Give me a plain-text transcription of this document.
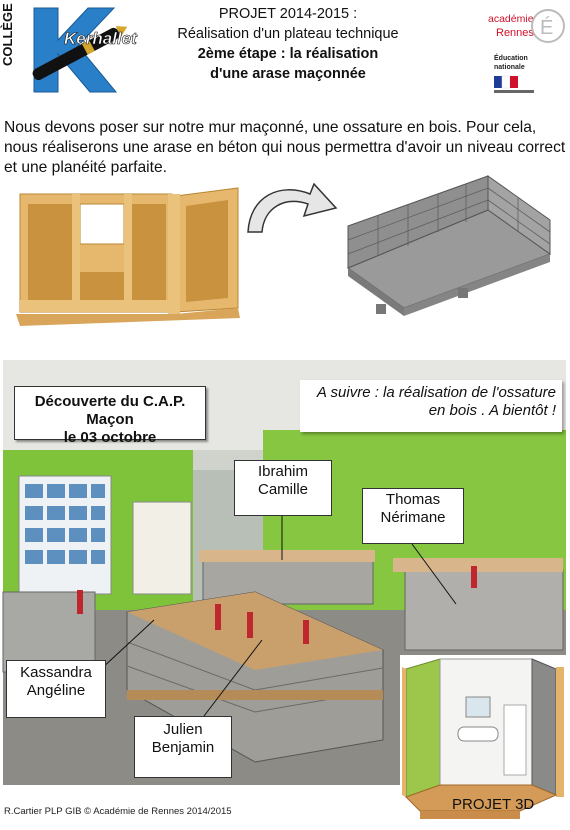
COLLÈGE	Kerhallet
PROJET 2014-2015 :
Réalisation d'un plateau technique
2ème étape : la réalisation
d'une arase maçonnée
académie
Rennes É
Éducation
nationale
Nous devons poser sur notre mur maçonné, une ossature en bois. Pour cela, nous réaliserons une arase en béton qui nous permettra d'avoir un niveau correct et une planéité parfaite.
Découverte du C.A.P. Maçon
le 03 octobre
A suivre : la réalisation de l'ossature
en bois . A bientôt !
Ibrahim
Camille
Thomas
Nérimane
Kassandra
Angéline
Julien
Benjamin
PROJET 3D
R.Cartier PLP GIB © Académie de Rennes 2014/2015
